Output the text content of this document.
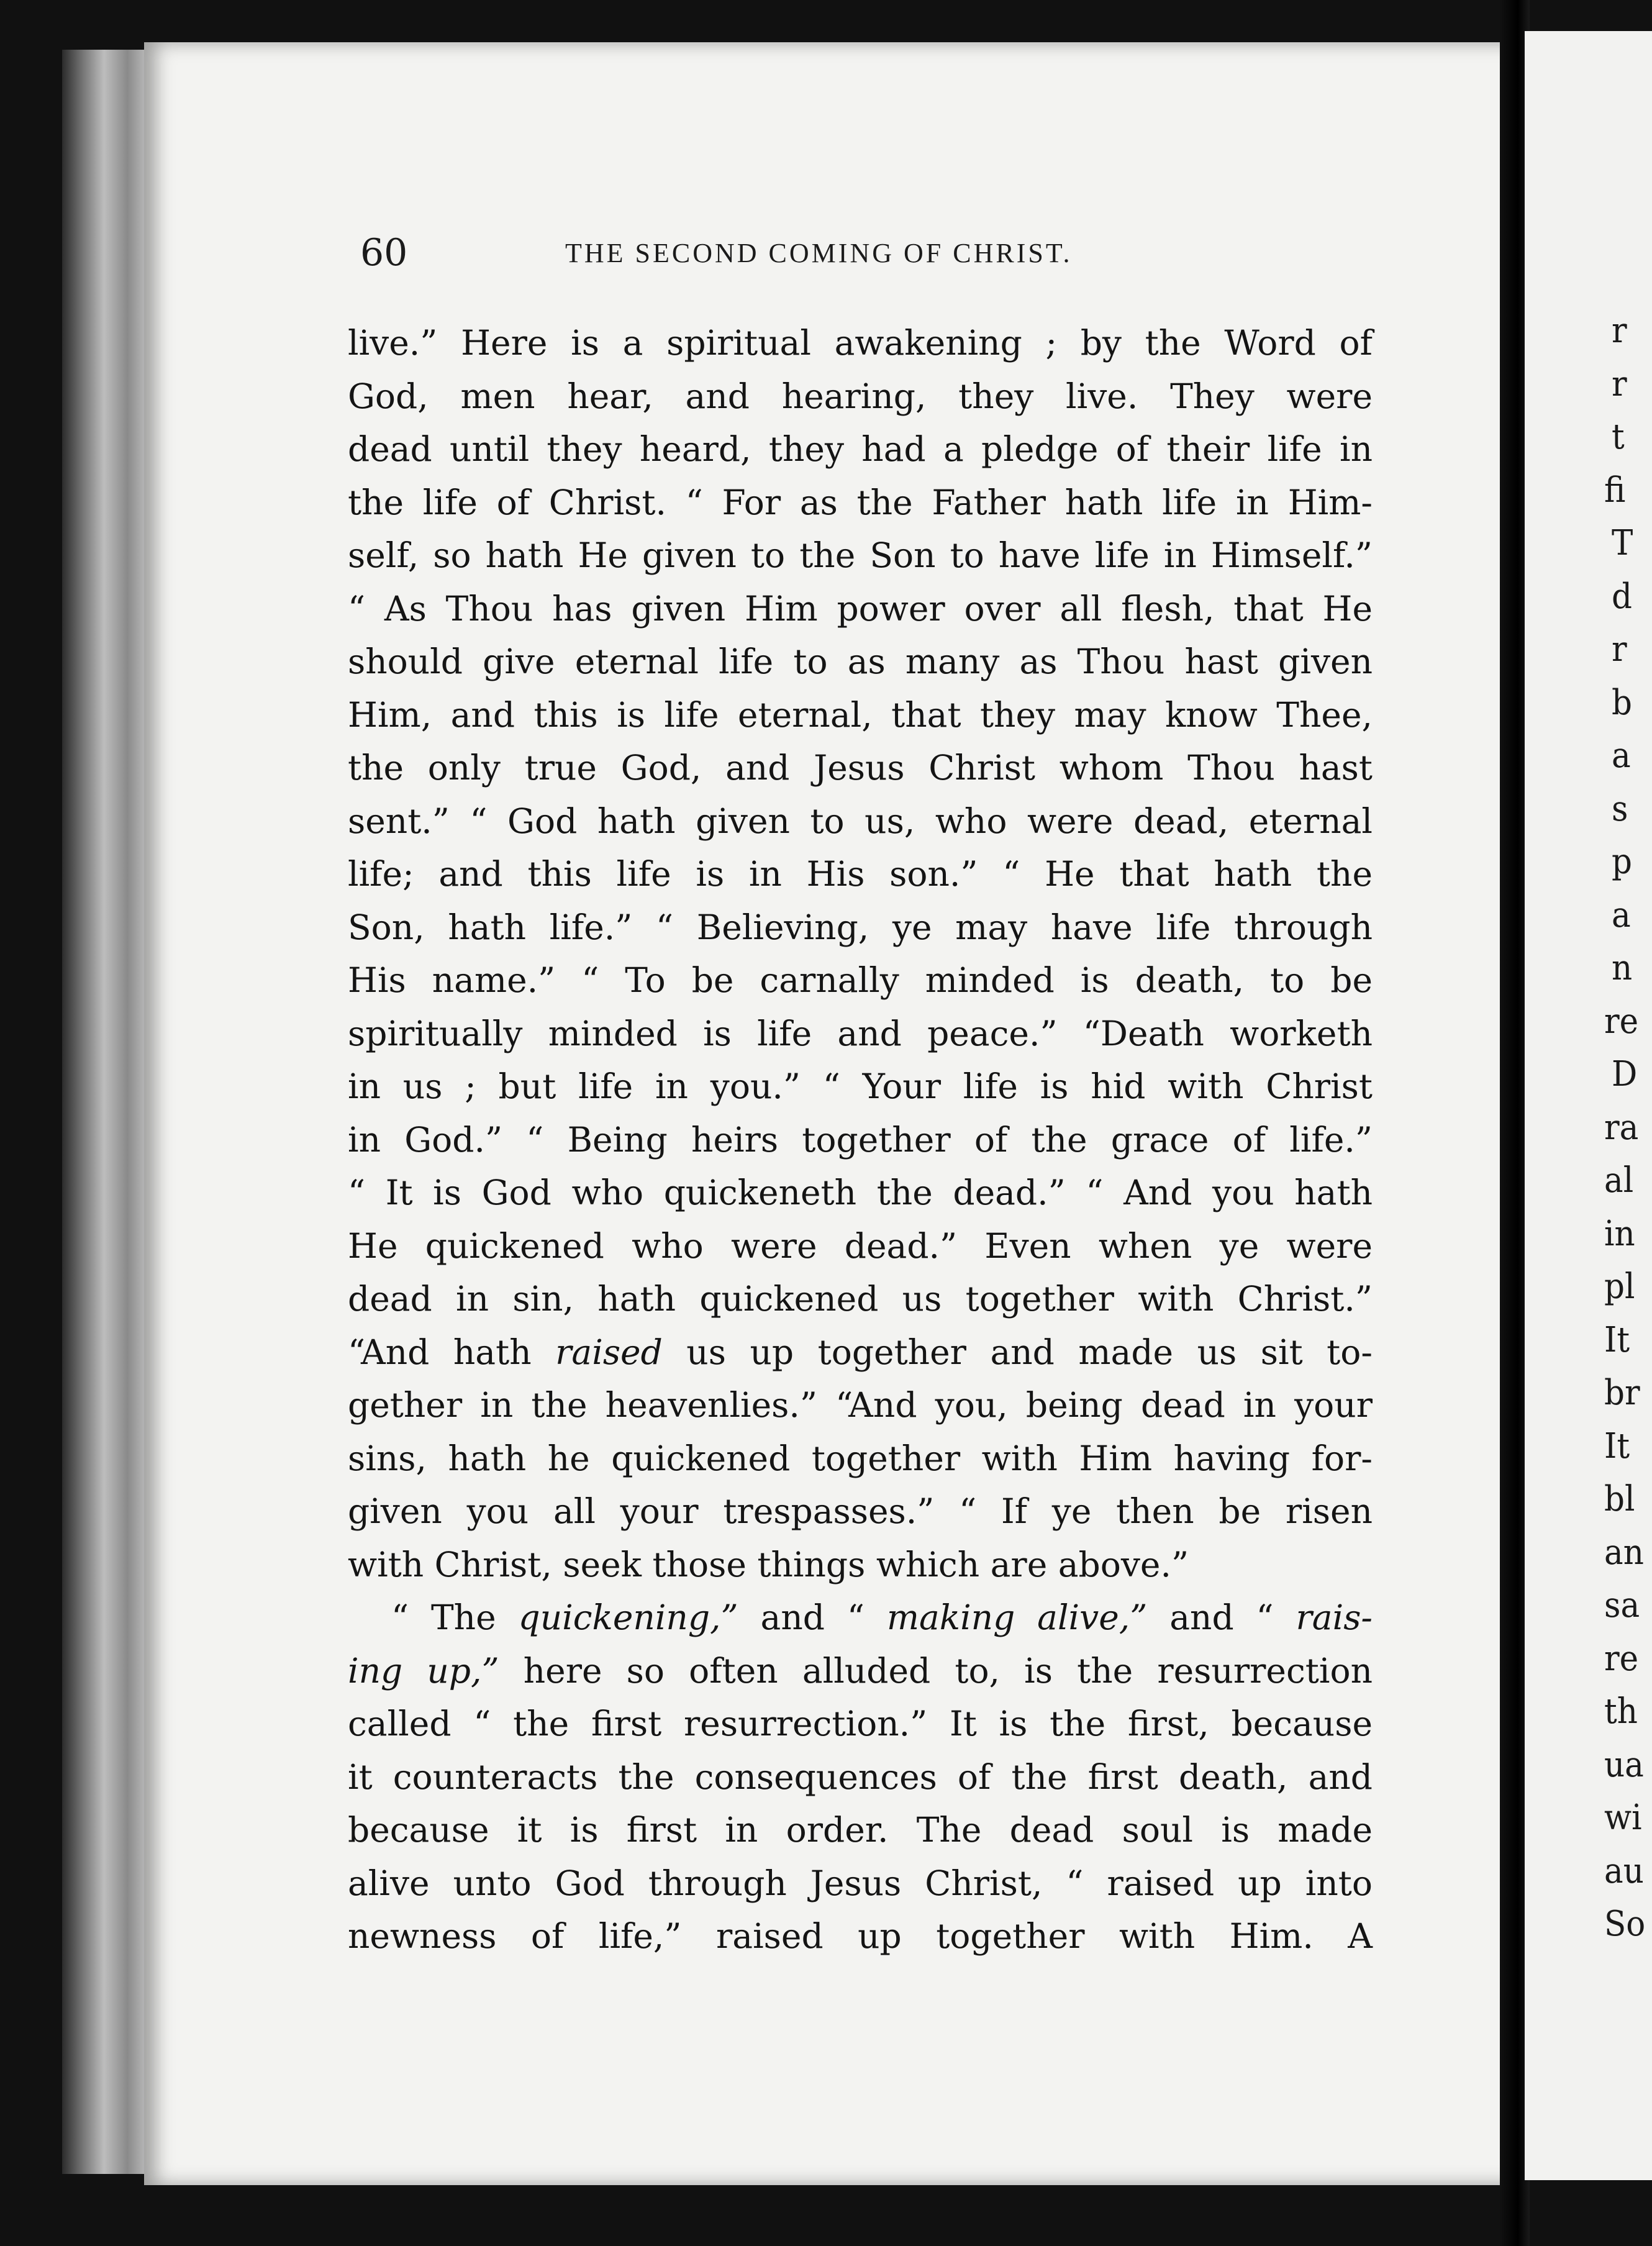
60	THE SECOND COMING OF CHRIST.
live.” Here is a spiritual awakening ; by the Word of
God, men hear, and hearing, they live. They were
dead until they heard, they had a pledge of their life in
the life of Christ. “ For as the Father hath life in Him-
self, so hath He given to the Son to have life in Himself.”
“ As Thou has given Him power over all flesh, that He
should give eternal life to as many as Thou hast given
Him, and this is life eternal, that they may know Thee,
the only true God, and Jesus Christ whom Thou hast
sent.” “ God hath given to us, who were dead, eternal
life; and this life is in His son.” “ He that hath the
Son, hath life.” “ Believing, ye may have life through
His name.” “ To be carnally minded is death, to be
spiritually minded is life and peace.” “Death worketh
in us ; but life in you.” “ Your life is hid with Christ
in God.” “ Being heirs together of the grace of life.”
“ It is God who quickeneth the dead.” “ And you hath
He quickened who were dead.” Even when ye were
dead in sin, hath quickened us together with Christ.”
“And hath raised us up together and made us sit to-
gether in the heavenlies.” “And you, being dead in your
sins, hath he quickened together with Him having for-
given you all your trespasses.” “ If ye then be risen
with Christ, seek those things which are above.”
“ The quickening,” and “ making alive,” and “ rais-
ing up,” here so often alluded to, is the resurrection
called “ the first resurrection.” It is the first, because
it counteracts the consequences of the first death, and
because it is first in order. The dead soul is made
alive unto God through Jesus Christ, “ raised up into
newness of life,” raised up together with Him. A
r
r
t
fi
T
d
r
b
a
s
p
a
n
re
D
ra
al
in
pl
It
br
It
bl
an
sa
re
th
ua
wi
au
So
